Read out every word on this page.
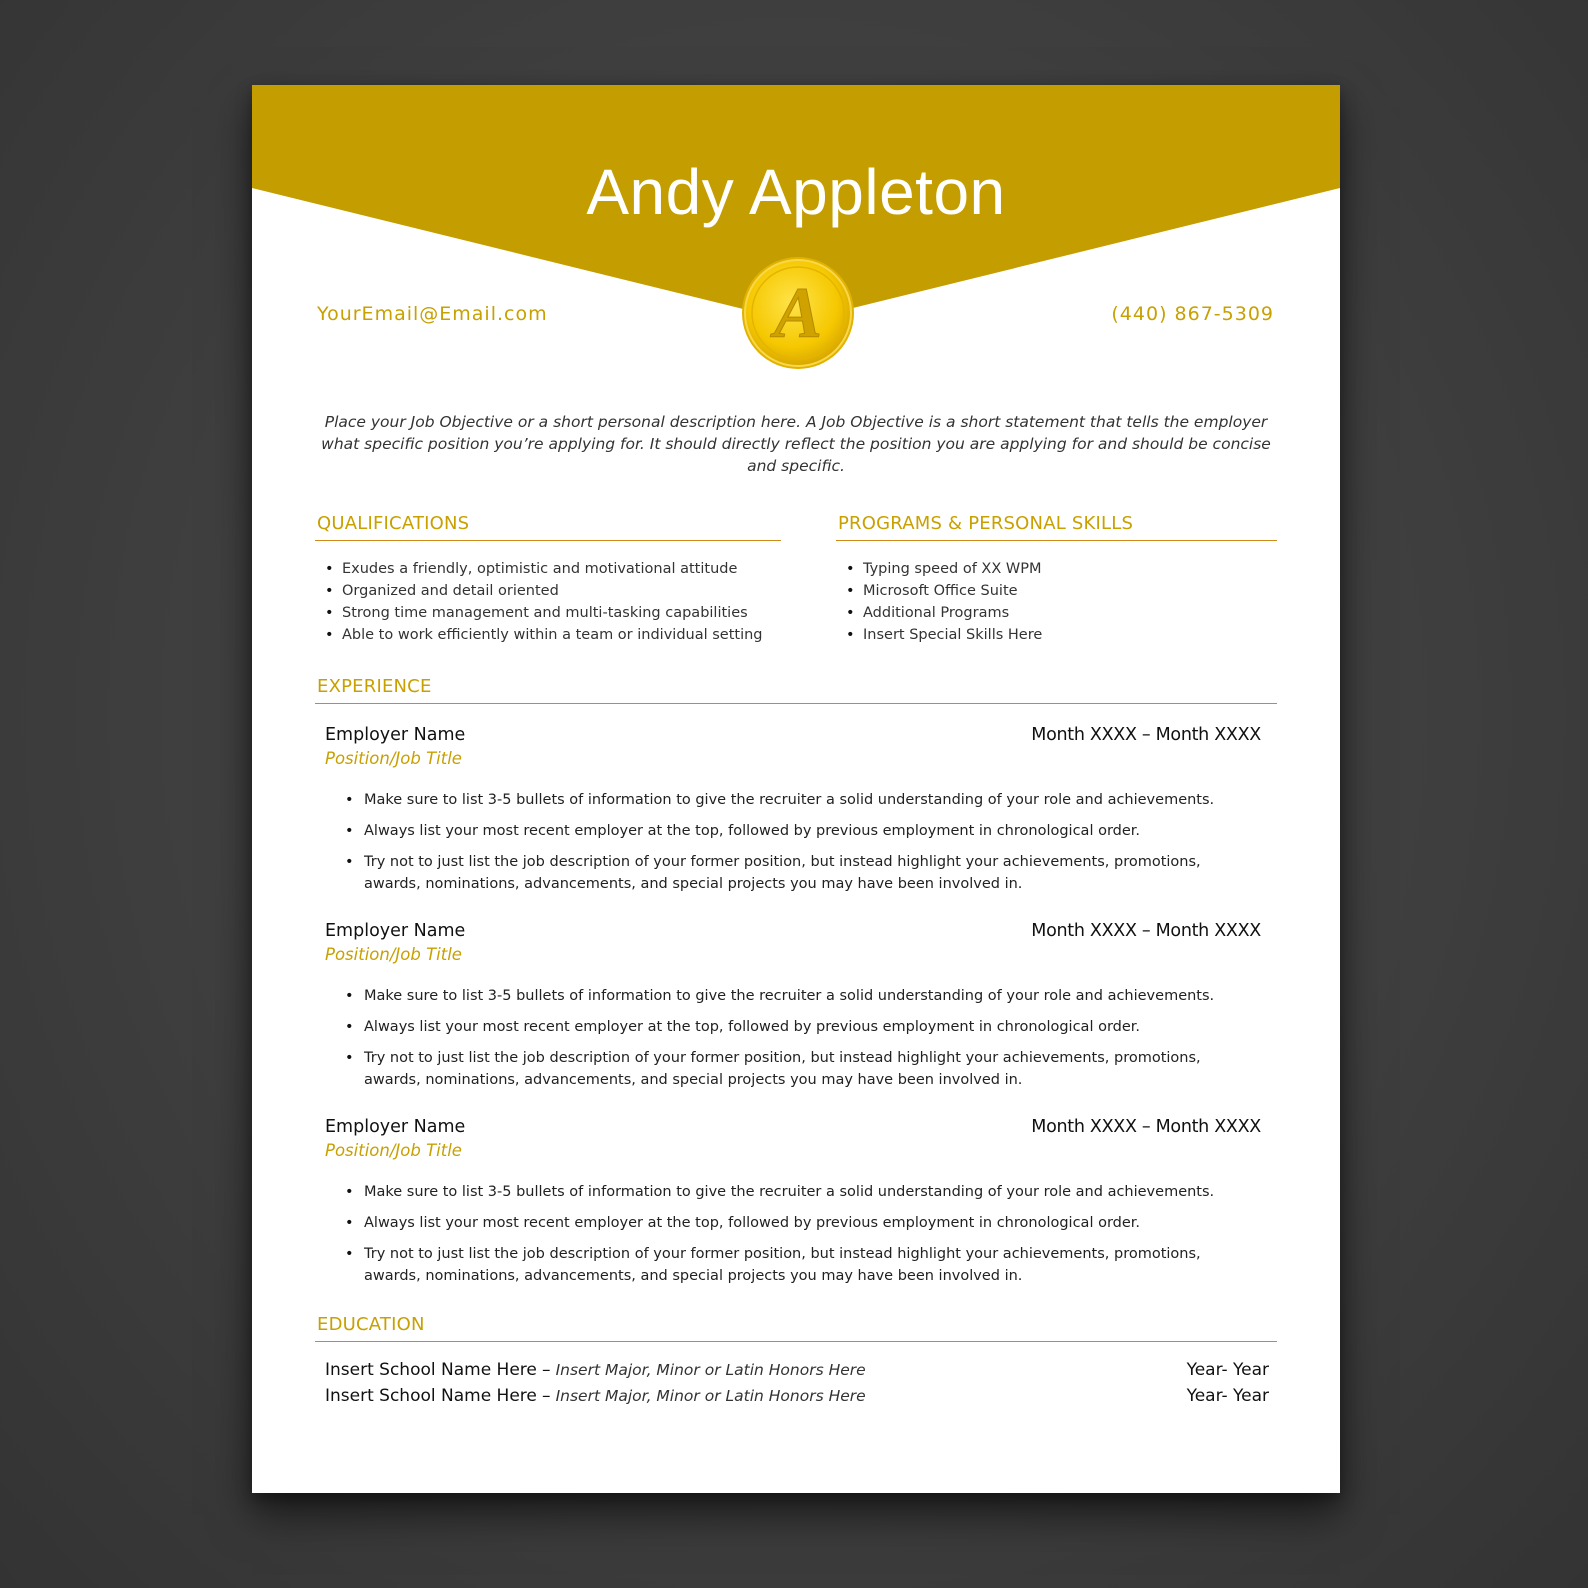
Andy Appleton
A
YourEmail@Email.com	(440) 867-5309
Place your Job Objective or a short personal description here. A Job Objective is a short statement that tells the employer what specific position you’re applying for. It should directly reflect the position you are applying for and should be concise and specific.
QUALIFICATIONS
• Exudes a friendly, optimistic and motivational attitude
• Organized and detail oriented
• Strong time management and multi-tasking capabilities
• Able to work efficiently within a team or individual setting
PROGRAMS & PERSONAL SKILLS
• Typing speed of XX WPM
• Microsoft Office Suite
• Additional Programs
• Insert Special Skills Here
EXPERIENCE
Employer Name	Month XXXX – Month XXXX
Position/Job Title
• Make sure to list 3-5 bullets of information to give the recruiter a solid understanding of your role and achievements.
• Always list your most recent employer at the top, followed by previous employment in chronological order.
• Try not to just list the job description of your former position, but instead highlight your achievements, promotions, awards, nominations, advancements, and special projects you may have been involved in.
Employer Name	Month XXXX – Month XXXX
Position/Job Title
• Make sure to list 3-5 bullets of information to give the recruiter a solid understanding of your role and achievements.
• Always list your most recent employer at the top, followed by previous employment in chronological order.
• Try not to just list the job description of your former position, but instead highlight your achievements, promotions, awards, nominations, advancements, and special projects you may have been involved in.
Employer Name	Month XXXX – Month XXXX
Position/Job Title
• Make sure to list 3-5 bullets of information to give the recruiter a solid understanding of your role and achievements.
• Always list your most recent employer at the top, followed by previous employment in chronological order.
• Try not to just list the job description of your former position, but instead highlight your achievements, promotions, awards, nominations, advancements, and special projects you may have been involved in.
EDUCATION
Insert School Name Here – Insert Major, Minor or Latin Honors Here	Year- Year
Insert School Name Here – Insert Major, Minor or Latin Honors Here	Year- Year
